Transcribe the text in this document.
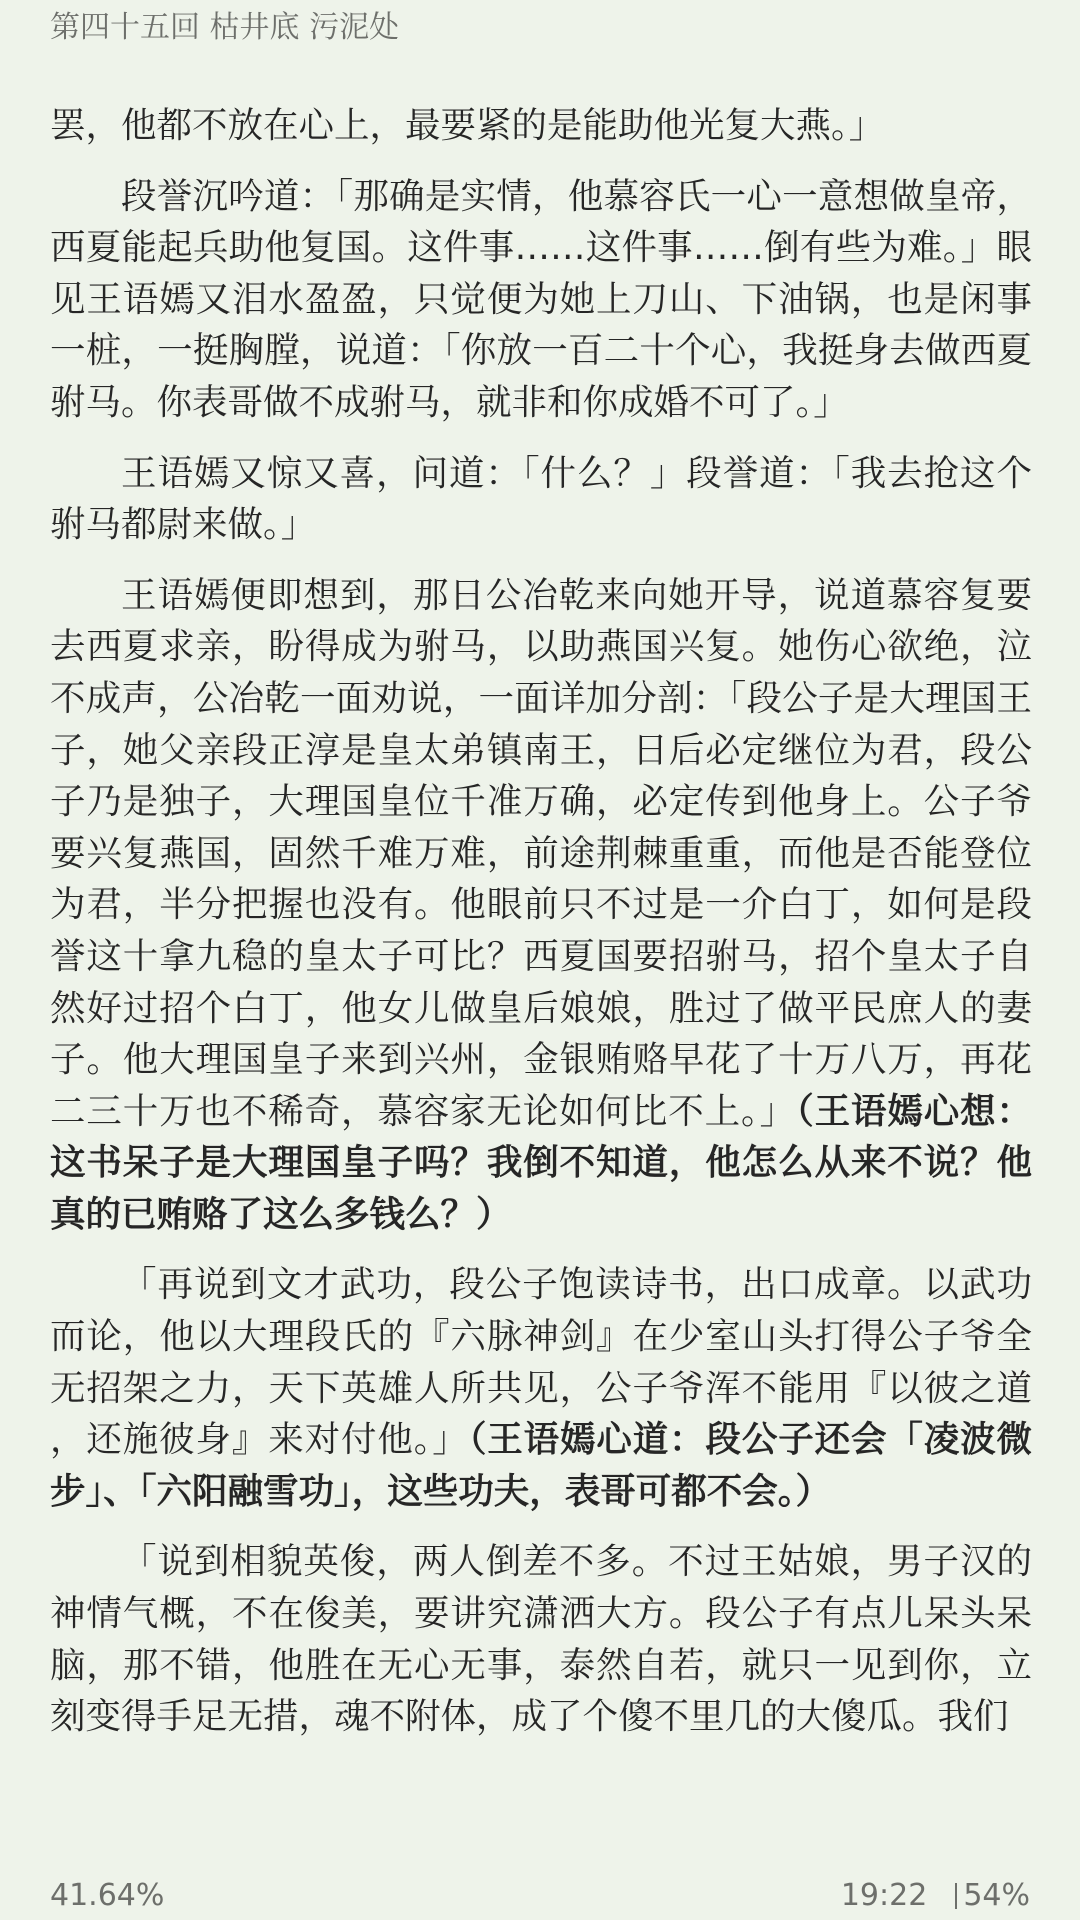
第四十五回 枯井底 污泥处

罢，他都不放在心上，最要紧的是能助他光复大燕。」

段誉沉吟道：「那确是实情，他慕容氏一心一意想做皇帝，西夏能起兵助他复国。这件事……这件事……倒有些为难。」眼见王语嫣又泪水盈盈，只觉便为她上刀山、下油锅，也是闲事一桩，一挺胸膛，说道：「你放一百二十个心，我挺身去做西夏驸马。你表哥做不成驸马，就非和你成婚不可了。」

王语嫣又惊又喜，问道：「什么？」段誉道：「我去抢这个驸马都尉来做。」

王语嫣便即想到，那日公冶乾来向她开导，说道慕容复要去西夏求亲，盼得成为驸马，以助燕国兴复。她伤心欲绝，泣不成声，公冶乾一面劝说，一面详加分剖：「段公子是大理国王子，她父亲段正淳是皇太弟镇南王，日后必定继位为君，段公子乃是独子，大理国皇位千准万确，必定传到他身上。公子爷要兴复燕国，固然千难万难，前途荆棘重重，而他是否能登位为君，半分把握也没有。他眼前只不过是一介白丁，如何是段誉这十拿九稳的皇太子可比？西夏国要招驸马，招个皇太子自然好过招个白丁，他女儿做皇后娘娘，胜过了做平民庶人的妻子。他大理国皇子来到兴州，金银贿赂早花了十万八万，再花二三十万也不稀奇，慕容家无论如何比不上。」（王语嫣心想：这书呆子是大理国皇子吗？我倒不知道，他怎么从来不说？他真的已贿赂了这么多钱么？）

「再说到文才武功，段公子饱读诗书，出口成章。以武功而论，他以大理段氏的『六脉神剑』在少室山头打得公子爷全无招架之力，天下英雄人所共见，公子爷浑不能用『以彼之道，还施彼身』来对付他。」（王语嫣心道：段公子还会「凌波微步」、「六阳融雪功」，这些功夫，表哥可都不会。）

「说到相貌英俊，两人倒差不多。不过王姑娘，男子汉的神情气概，不在俊美，要讲究潇洒大方。段公子有点儿呆头呆脑，那不错，他胜在无心无事，泰然自若，就只一见到你，立刻变得手足无措，魂不附体，成了个傻不里几的大傻瓜。我们

41.64%	19:22 54%
